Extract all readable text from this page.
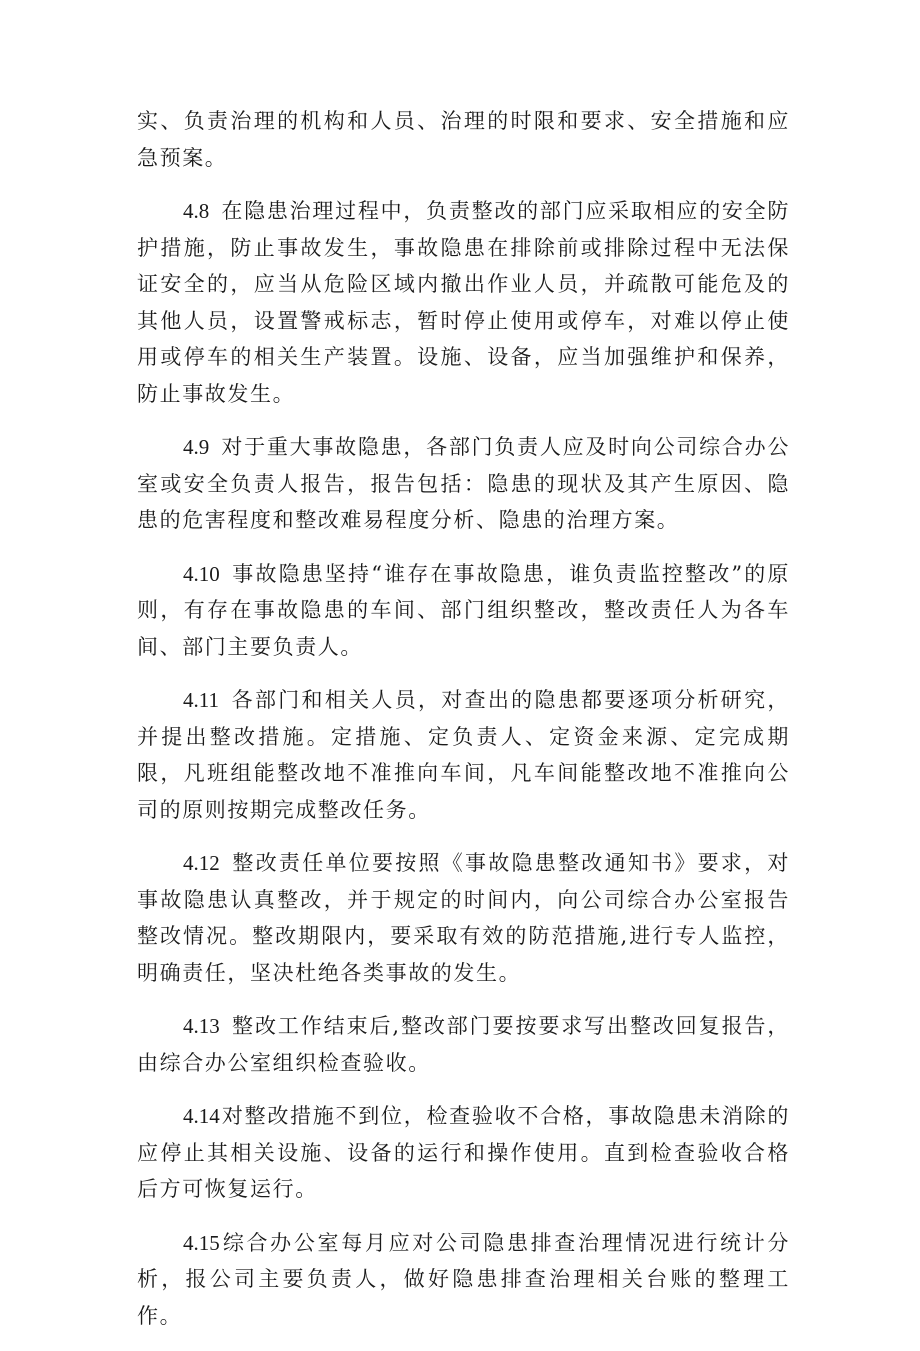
实、负责治理的机构和人员、治理的时限和要求、安全措施和应急预案。

4.8 在隐患治理过程中，负责整改的部门应采取相应的安全防护措施，防止事故发生，事故隐患在排除前或排除过程中无法保证安全的，应当从危险区域内撤出作业人员，并疏散可能危及的其他人员，设置警戒标志，暂时停止使用或停车，对难以停止使用或停车的相关生产装置。设施、设备，应当加强维护和保养，防止事故发生。

4.9 对于重大事故隐患，各部门负责人应及时向公司综合办公室或安全负责人报告，报告包括：隐患的现状及其产生原因、隐患的危害程度和整改难易程度分析、隐患的治理方案。

4.10 事故隐患坚持“谁存在事故隐患，谁负责监控整改”的原则，有存在事故隐患的车间、部门组织整改，整改责任人为各车间、部门主要负责人。

4.11 各部门和相关人员，对查出的隐患都要逐项分析研究，并提出整改措施。定措施、定负责人、定资金来源、定完成期限，凡班组能整改地不准推向车间，凡车间能整改地不准推向公司的原则按期完成整改任务。

4.12 整改责任单位要按照《事故隐患整改通知书》要求，对事故隐患认真整改，并于规定的时间内，向公司综合办公室报告整改情况。整改期限内，要采取有效的防范措施,进行专人监控，明确责任，坚决杜绝各类事故的发生。

4.13 整改工作结束后,整改部门要按要求写出整改回复报告，由综合办公室组织检查验收。

4.14对整改措施不到位，检查验收不合格，事故隐患未消除的应停止其相关设施、设备的运行和操作使用。直到检查验收合格后方可恢复运行。

4.15综合办公室每月应对公司隐患排查治理情况进行统计分析，报公司主要负责人，做好隐患排查治理相关台账的整理工作。
